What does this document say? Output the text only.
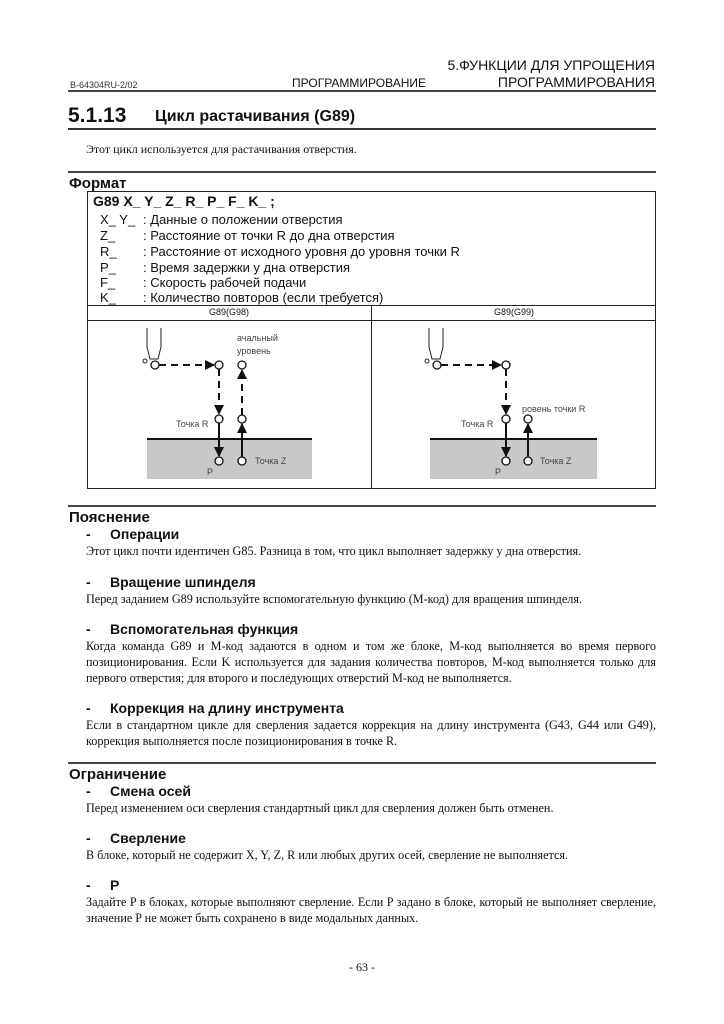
B-64304RU-2/02	ПРОГРАММИРОВАНИЕ
5.ФУНКЦИИ ДЛЯ УПРОЩЕНИЯ
ПРОГРАММИРОВАНИЯ
5.1.13 Цикл растачивания (G89)
Этот цикл используется для растачивания отверстия.
Формат
G89 X_ Y_ Z_ R_ P_ F_ K_ ;
X_ Y_ : Данные о положении отверстия
Z_	: Расстояние от точки R до дна отверстия
R_	: Расстояние от исходного уровня до уровня точки R
P_	: Время задержки у дна отверстия
F_	: Скорость рабочей подачи
K_	: Количество повторов (если требуется)
G89(G98)	G89(G99)
ачальный
уровень
Точка R
Точка Z
P
ровень точки R
Точка R
Точка Z
P
Пояснение
- Операции
Этот цикл почти идентичен G85. Разница в том, что цикл выполняет задержку у дна отверстия.
- Вращение шпинделя
Перед заданием G89 используйте вспомогательную функцию (М-код) для вращения шпинделя.
- Вспомогательная функция
Когда команда G89 и М-код задаются в одном и том же блоке, М-код выполняется во время первого позиционирования. Если K используется для задания количества повторов, М-код выполняется только для первого отверстия; для второго и последующих отверстий М-код не выполняется.
- Коррекция на длину инструмента
Если в стандартном цикле для сверления задается коррекция на длину инструмента (G43, G44 или G49), коррекция выполняется после позиционирования в точке R.
Ограничение
- Смена осей
Перед изменением оси сверления стандартный цикл для сверления должен быть отменен.
- Сверление
В блоке, который не содержит X, Y, Z, R или любых других осей, сверление не выполняется.
- P
Задайте P в блоках, которые выполняют сверление. Если P задано в блоке, который не выполняет сверление, значение P не может быть сохранено в виде модальных данных.
- 63 -
